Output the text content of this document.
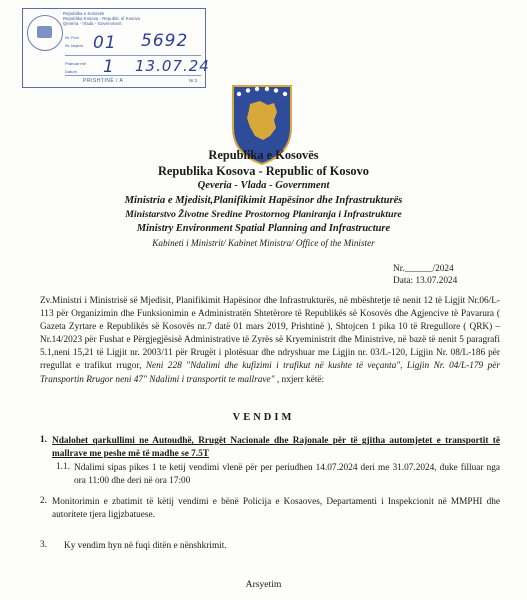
Republika e Kosovës
Republika Kosova - Republic of Kosovo
Qeveria - Vlada - Government
Nr. Prot.
Nr. faqeve
Pranuar më
Datum
01 5692
1 13.07.24
PRISHTINË / A	Nr.2
Republika e Kosovës
Republika Kosova - Republic of Kosovo
Qeveria - Vlada - Government
Ministria e Mjedisit,Planifikimit Hapësinor dhe Infrastrukturës
Ministarstvo Životne Sredine Prostornog Planiranja i Infrastrukture
Ministry Environment Spatial Planning and Infrastructure
Kabineti i Ministrit/ Kabinet Ministra/ Office of the Minister
Nr.______/2024
Data: 13.07.2024
Zv.Ministri i Ministrisë së Mjedisit, Planifikimit Hapësinor dhe Infrastrukturës, në mbështetje të nenit 12 të Ligjit Nr.06/L-113 për Organizimin dhe Funksionimin e Administratën Shtetërore të Republikës së Kosovës dhe Agjencive të Pavarura ( Gazeta Zyrtare e Republikës së Kosovës nr.7 datë 01 mars 2019, Prishtinë ), Shtojcen 1 pika 10 të Rregullore ( QRK) – Nr.14/2023 për Fushat e Përgjegjësisë Administrative të Zyrës së Kryeministrit dhe Ministrive, në bazë të nenit 5 paragrafi 5.1,neni 15,21 të Ligjit nr. 2003/11 për Rrugët i plotësuar dhe ndryshuar me Ligjin nr. 03/L-120, Ligjin Nr. 08/L-186 për rregullat e trafikut rrugor, Neni 228 "Ndalimi dhe kufizimi i trafikut në kushte të veçanta", Ligjin Nr. 04/L-179 për Transportin Rrugor neni 47" Ndalimi i transportit te mallrave" , nxjerr këtë:
VENDIM
1. Ndalohet qarkullimi ne Autoudhë, Rrugët Nacionale dhe Rajonale për të gjitha automjetet e transportit të mallrave me peshe më të madhe se 7.5T
1.1. Ndalimi sipas pikes 1 te ketij vendimi vlenë për per periudhen 14.07.2024 deri me 31.07.2024, duke filluar nga ora 11:00 dhe deri në ora 17:00
2. Monitorimin e zbatimit të këtij vendimi e bënë Policija e Kosaoves, Departamenti i Inspekcionit në MMPHI dhe autoritete tjera ligjzbatuese.
3. Ky vendim hyn në fuqi ditën e nënshkrimit.
Arsyetim
